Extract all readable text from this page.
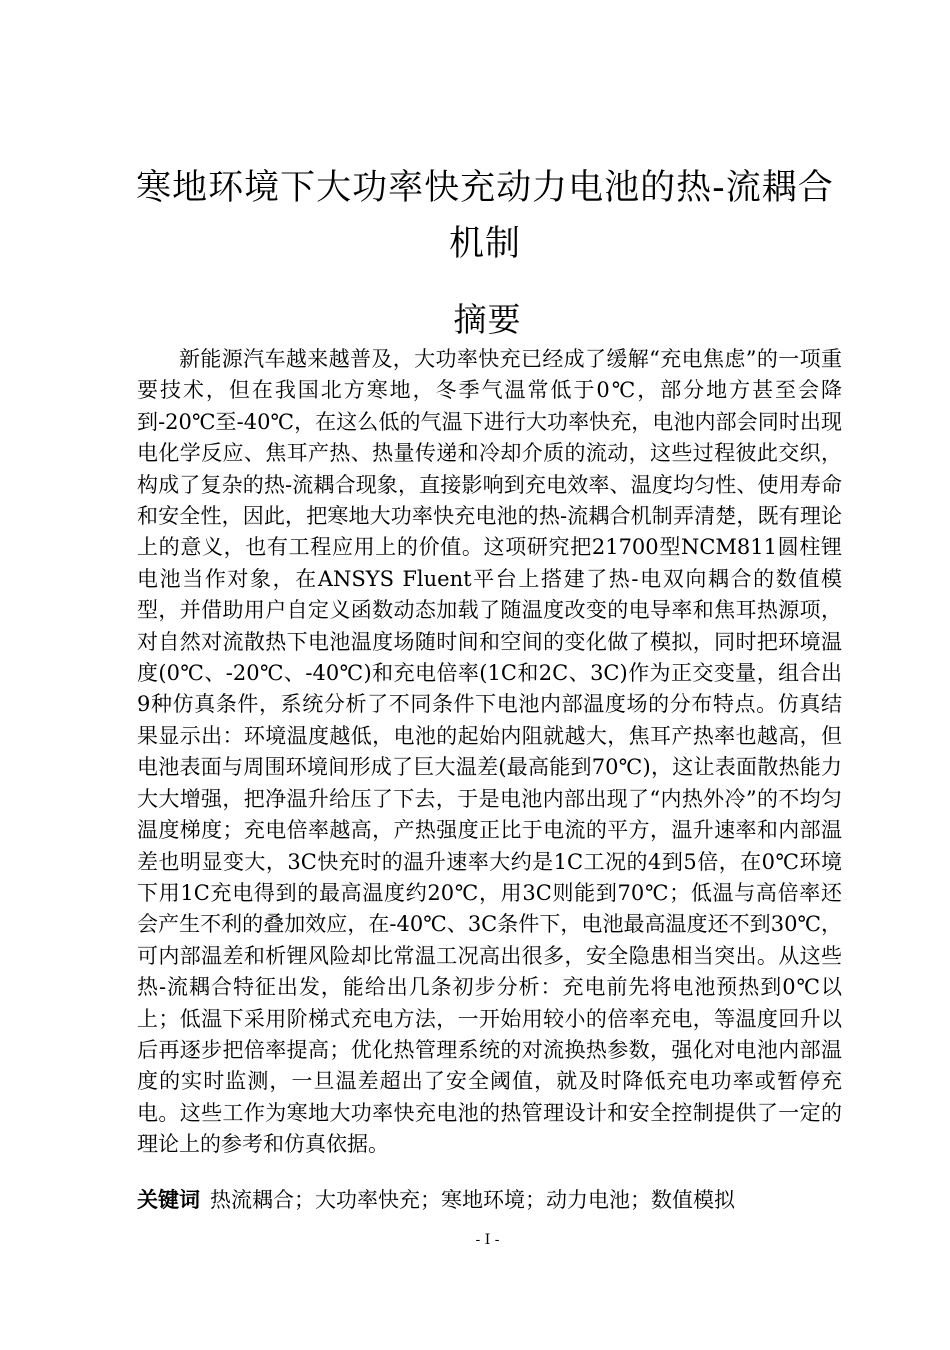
寒地环境下大功率快充动力电池的热-流耦合机制
摘要

新能源汽车越来越普及，大功率快充已经成了缓解“充电焦虑”的一项重要技术，但在我国北方寒地，冬季气温常低于0℃，部分地方甚至会降到-20℃至-40℃，在这么低的气温下进行大功率快充，电池内部会同时出现电化学反应、焦耳产热、热量传递和冷却介质的流动，这些过程彼此交织，构成了复杂的热-流耦合现象，直接影响到充电效率、温度均匀性、使用寿命和安全性，因此，把寒地大功率快充电池的热-流耦合机制弄清楚，既有理论上的意义，也有工程应用上的价值。这项研究把21700型NCM811圆柱锂电池当作对象，在ANSYS Fluent平台上搭建了热-电双向耦合的数值模型，并借助用户自定义函数动态加载了随温度改变的电导率和焦耳热源项，对自然对流散热下电池温度场随时间和空间的变化做了模拟，同时把环境温度(0℃、-20℃、-40℃)和充电倍率(1C和2C、3C)作为正交变量，组合出9种仿真条件，系统分析了不同条件下电池内部温度场的分布特点。仿真结果显示出：环境温度越低，电池的起始内阻就越大，焦耳产热率也越高，但电池表面与周围环境间形成了巨大温差(最高能到70℃)，这让表面散热能力大大增强，把净温升给压了下去，于是电池内部出现了“内热外冷”的不均匀温度梯度；充电倍率越高，产热强度正比于电流的平方，温升速率和内部温差也明显变大，3C快充时的温升速率大约是1C工况的4到5倍，在0℃环境下用1C充电得到的最高温度约20℃，用3C则能到70℃；低温与高倍率还会产生不利的叠加效应，在-40℃、3C条件下，电池最高温度还不到30℃，可内部温差和析锂风险却比常温工况高出很多，安全隐患相当突出。从这些热-流耦合特征出发，能给出几条初步分析：充电前先将电池预热到0℃以上；低温下采用阶梯式充电方法，一开始用较小的倍率充电，等温度回升以后再逐步把倍率提高；优化热管理系统的对流换热参数，强化对电池内部温度的实时监测，一旦温差超出了安全阈值，就及时降低充电功率或暂停充电。这些工作为寒地大功率快充电池的热管理设计和安全控制提供了一定的理论上的参考和仿真依据。

关键词 热流耦合；大功率快充；寒地环境；动力电池；数值模拟
- I -
